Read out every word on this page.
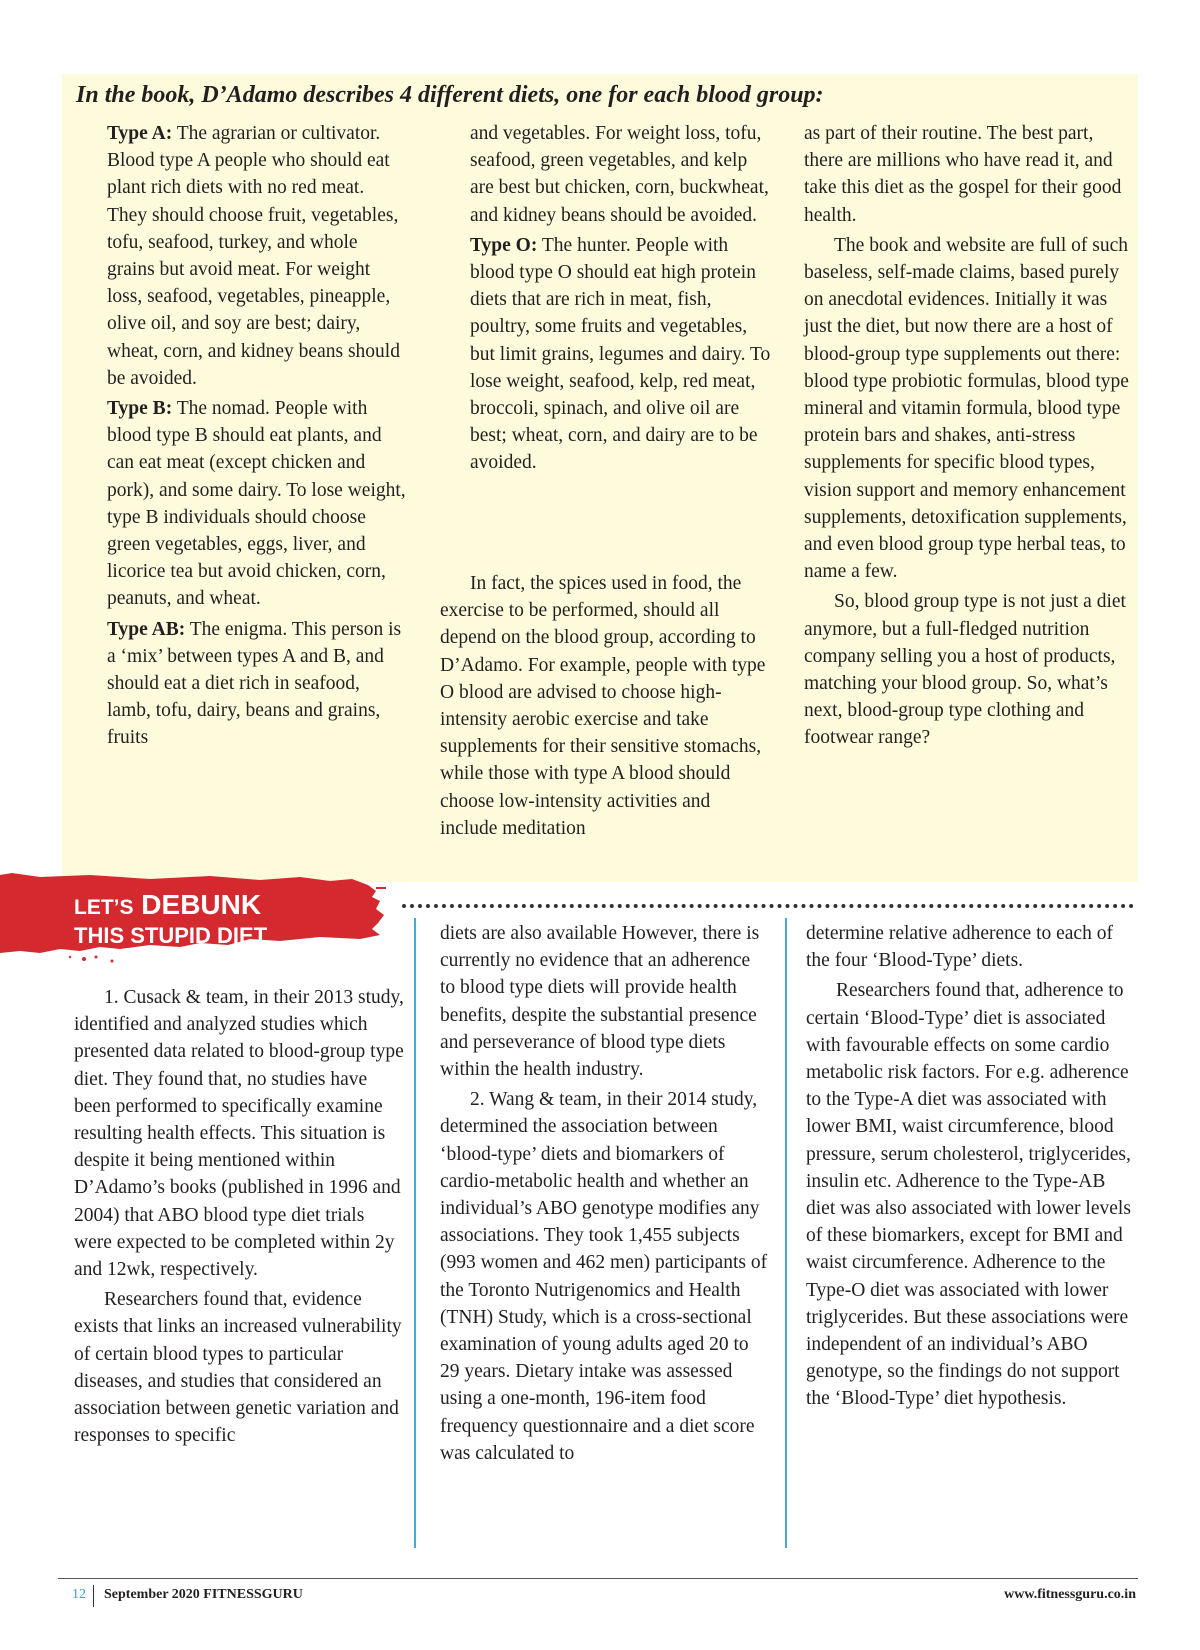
In the book, D’Adamo describes 4 different diets, one for each blood group:

Type A: The agrarian or cultivator. Blood type A people who should eat plant rich diets with no red meat. They should choose fruit, vegetables, tofu, seafood, turkey, and whole grains but avoid meat. For weight loss, seafood, vegetables, pineapple, olive oil, and soy are best; dairy, wheat, corn, and kidney beans should be avoided.

Type B: The nomad. People with blood type B should eat plants, and can eat meat (except chicken and pork), and some dairy. To lose weight, type B individuals should choose green vegetables, eggs, liver, and licorice tea but avoid chicken, corn, peanuts, and wheat.

Type AB: The enigma. This person is a ‘mix’ between types A and B, and should eat a diet rich in seafood, lamb, tofu, dairy, beans and grains, fruits

and vegetables. For weight loss, tofu, seafood, green vegetables, and kelp are best but chicken, corn, buckwheat, and kidney beans should be avoided.

Type O: The hunter. People with blood type O should eat high protein diets that are rich in meat, fish, poultry, some fruits and vegetables, but limit grains, legumes and dairy. To lose weight, seafood, kelp, red meat, broccoli, spinach, and olive oil are best; wheat, corn, and dairy are to be avoided.

In fact, the spices used in food, the exercise to be performed, should all depend on the blood group, according to D’Adamo. For example, people with type O blood are advised to choose high-intensity aerobic exercise and take supplements for their sensitive stomachs, while those with type A blood should choose low-intensity activities and include meditation

as part of their routine. The best part, there are millions who have read it, and take this diet as the gospel for their good health.

The book and website are full of such baseless, self-made claims, based purely on anecdotal evidences. Initially it was just the diet, but now there are a host of blood-group type supplements out there: blood type probiotic formulas, blood type mineral and vitamin formula, blood type protein bars and shakes, anti-stress supplements for specific blood types, vision support and memory enhancement supplements, detoxification supplements, and even blood group type herbal teas, to name a few.

So, blood group type is not just a diet anymore, but a full-fledged nutrition company selling you a host of products, matching your blood group. So, what’s next, blood-group type clothing and footwear range?

LET’S DEBUNK

THIS STUPID DIET

1. Cusack & team, in their 2013 study, identified and analyzed studies which presented data related to blood-group type diet. They found that, no studies have been performed to specifically examine resulting health effects. This situation is despite it being mentioned within D’Adamo’s books (published in 1996 and 2004) that ABO blood type diet trials were expected to be completed within 2y and 12wk, respectively.

Researchers found that, evidence exists that links an increased vulnerability of certain blood types to particular diseases, and studies that considered an association between genetic variation and responses to specific

diets are also available However, there is currently no evidence that an adherence to blood type diets will provide health benefits, despite the substantial presence and perseverance of blood type diets within the health industry.

2. Wang & team, in their 2014 study, determined the association between ‘blood-type’ diets and biomarkers of cardio-metabolic health and whether an individual’s ABO genotype modifies any associations. They took 1,455 subjects (993 women and 462 men) participants of the Toronto Nutrigenomics and Health (TNH) Study, which is a cross-sectional examination of young adults aged 20 to 29 years. Dietary intake was assessed using a one-month, 196-item food frequency questionnaire and a diet score was calculated to

determine relative adherence to each of the four ‘Blood-Type’ diets.

Researchers found that, adherence to certain ‘Blood-Type’ diet is associated with favourable effects on some cardio metabolic risk factors. For e.g. adherence to the Type-A diet was associated with lower BMI, waist circumference, blood pressure, serum cholesterol, triglycerides, insulin etc. Adherence to the Type-AB diet was also associated with lower levels of these biomarkers, except for BMI and waist circumference. Adherence to the Type-O diet was associated with lower triglycerides. But these associations were independent of an individual’s ABO genotype, so the findings do not support the ‘Blood-Type’ diet hypothesis.

12 September 2020 FITNESSGURU	www.fitnessguru.co.in
